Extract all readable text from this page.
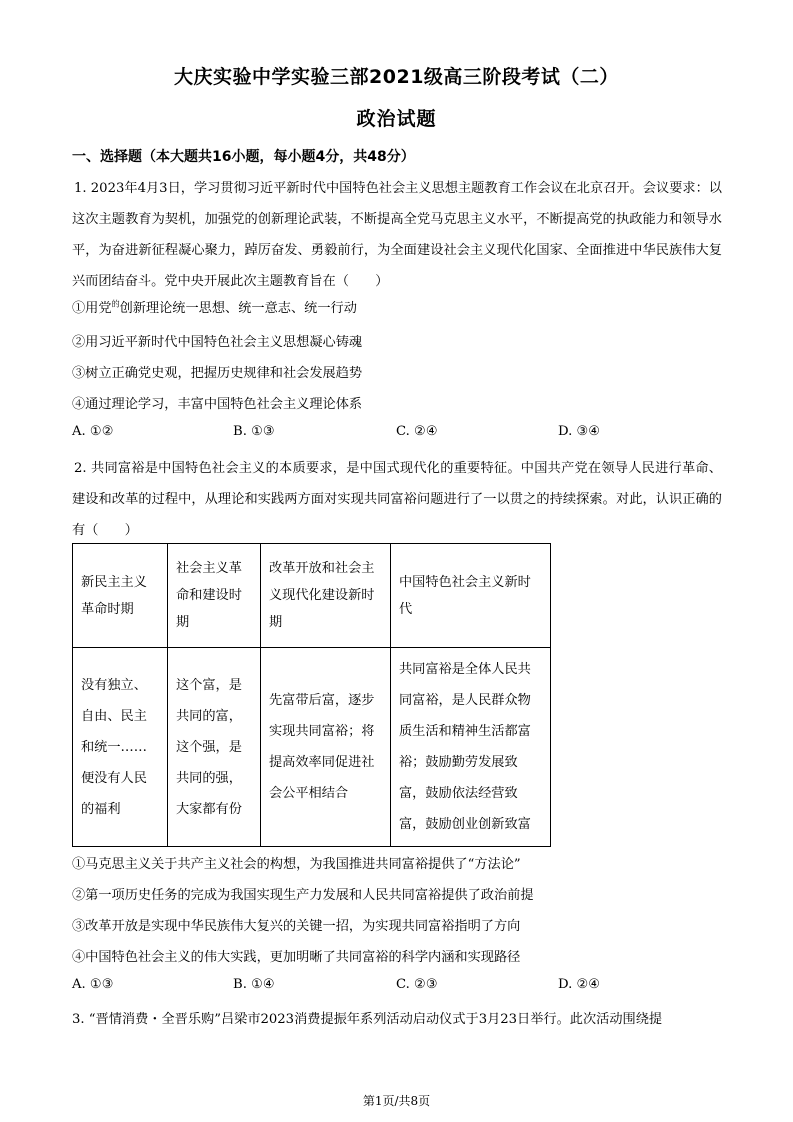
大庆实验中学实验三部2021级高三阶段考试（二）
政治试题
一、选择题（本大题共16小题，每小题4分，共48分）
1. 2023年4月3日，学习贯彻习近平新时代中国特色社会主义思想主题教育工作会议在北京召开。会议要求：以这次主题教育为契机，加强党的创新理论武装，不断提高全党马克思主义水平，不断提高党的执政能力和领导水平，为奋进新征程凝心聚力，踔厉奋发、勇毅前行，为全面建设社会主义现代化国家、全面推进中华民族伟大复兴而团结奋斗。党中央开展此次主题教育旨在（　　）
①用党$^的$创新理论统一思想、统一意志、统一行动
②用习近平新时代中国特色社会主义思想凝心铸魂
③树立正确党史观，把握历史规律和社会发展趋势
④通过理论学习，丰富中国特色社会主义理论体系
A. ①②	B. ①③	C. ②④	D. ③④
2. 共同富裕是中国特色社会主义的本质要求，是中国式现代化的重要特征。中国共产党在领导人民进行革命、建设和改革的过程中，从理论和实践两方面对实现共同富裕问题进行了一以贯之的持续探索。对此，认识正确的有（　　）
新民主主义革命时期	社会主义革命和建设时期	改革开放和社会主义现代化建设新时期	中国特色社会主义新时代
没有独立、自由、民主和统一……便没有人民的福利	这个富，是共同的富，这个强，是共同的强，大家都有份	先富带后富，逐步实现共同富裕；将提高效率同促进社会公平相结合	共同富裕是全体人民共同富裕，是人民群众物质生活和精神生活都富裕；鼓励勤劳发展致富，鼓励依法经营致富，鼓励创业创新致富
①马克思主义关于共产主义社会的构想，为我国推进共同富裕提供了“方法论”
②第一项历史任务的完成为我国实现生产力发展和人民共同富裕提供了政治前提
③改革开放是实现中华民族伟大复兴的关键一招，为实现共同富裕指明了方向
④中国特色社会主义的伟大实践，更加明晰了共同富裕的科学内涵和实现路径
A. ①③	B. ①④	C. ②③	D. ②④
3. “晋情消费・全晋乐购”吕梁市2023消费提振年系列活动启动仪式于3月23日举行。此次活动围绕提
第1页/共8页
